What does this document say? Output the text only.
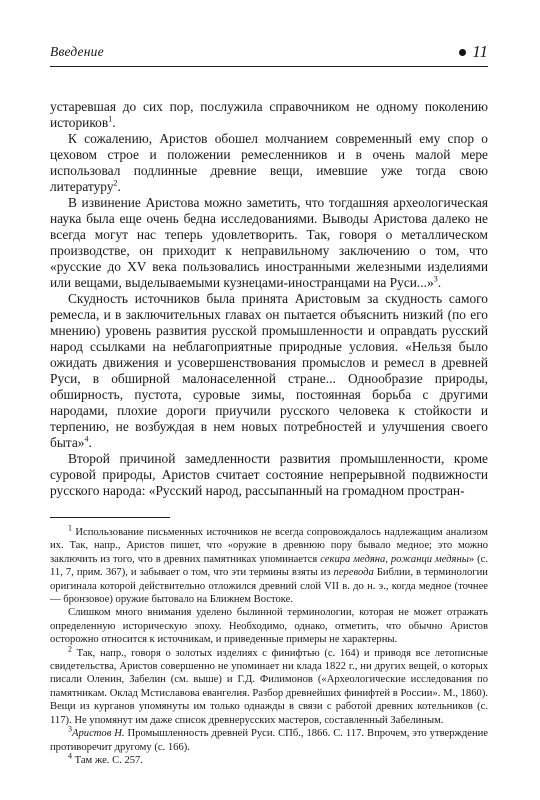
Введение	11

устаревшая до сих пор, послужила справочником не одному поколению историков$^1$.

К сожалению, Аристов обошел молчанием современный ему спор о цеховом строе и положении ремесленников и в очень малой мере использовал подлинные древние вещи, имевшие уже тогда свою литературу$^2$.

В извинение Аристова можно заметить, что тогдашняя археологическая наука была еще очень бедна исследованиями. Выводы Аристова далеко не всегда могут нас теперь удовлетворить. Так, говоря о металлическом производстве, он приходит к неправильному заключению о том, что «русские до XV века пользовались иностранными железными изделиями или вещами, выделываемыми кузнецами-иностранцами на Руси...»$^3$.

Скудность источников была принята Аристовым за скудность самого ремесла, и в заключительных главах он пытается объяснить низкий (по его мнению) уровень развития русской промышленности и оправдать русский народ ссылками на неблагоприятные природные условия. «Нельзя было ожидать движения и усовершенствования промыслов и ремесл в древней Руси, в обширной малонаселенной стране... Однообразие природы, обширность, пустота, суровые зимы, постоянная борьба с другими народами, плохие дороги приучили русского человека к стойкости и терпению, не возбуждая в нем новых потребностей и улучшения своего быта»$^4$.

Второй причиной замедленности развития промышленности, кроме суровой природы, Аристов считает состояние непрерывной подвижности русского народа: «Русский народ, рассыпанный на громадном простран-

$^1$ Использование письменных источников не всегда сопровождалось надлежащим анализом их. Так, напр., Аристов пишет, что «оружие в древнюю пору бывало медное; это можно заключить из того, что в древних памятниках упоминается секира медяна, рожанци медяны» (с. 11, 7, прим. 367), и забывает о том, что эти термины взяты из перевода Библии, в терминологии оригинала которой действительно отложился древний слой VII в. до н. э., когда медное (точнее — бронзовое) оружие бытовало на Ближнем Востоке.

Слишком много внимания уделено былинной терминологии, которая не может отражать определенную историческую эпоху. Необходимо, однако, отметить, что обычно Аристов осторожно относится к источникам, и приведенные примеры не характерны.

$^2$ Так, напр., говоря о золотых изделиях с финифтью (с. 164) и приводя все летописные свидетельства, Аристов совершенно не упоминает ни клада 1822 г., ни других вещей, о которых писали Оленин, Забелин (см. выше) и Г.Д. Филимонов («Археологические исследования по памятникам. Оклад Мстиславова евангелия. Разбор древнейших финифтей в России». М., 1860). Вещи из курганов упомянуты им только однажды в связи с работой древних котельников (с. 117). Не упомянут им даже список древнерусских мастеров, составленный Забелиным.

$^3$Аристов Н. Промышленность древней Руси. СПб., 1866. С. 117. Впрочем, это утверждение противоречит другому (с. 166).

$^4$ Там же. С. 257.
